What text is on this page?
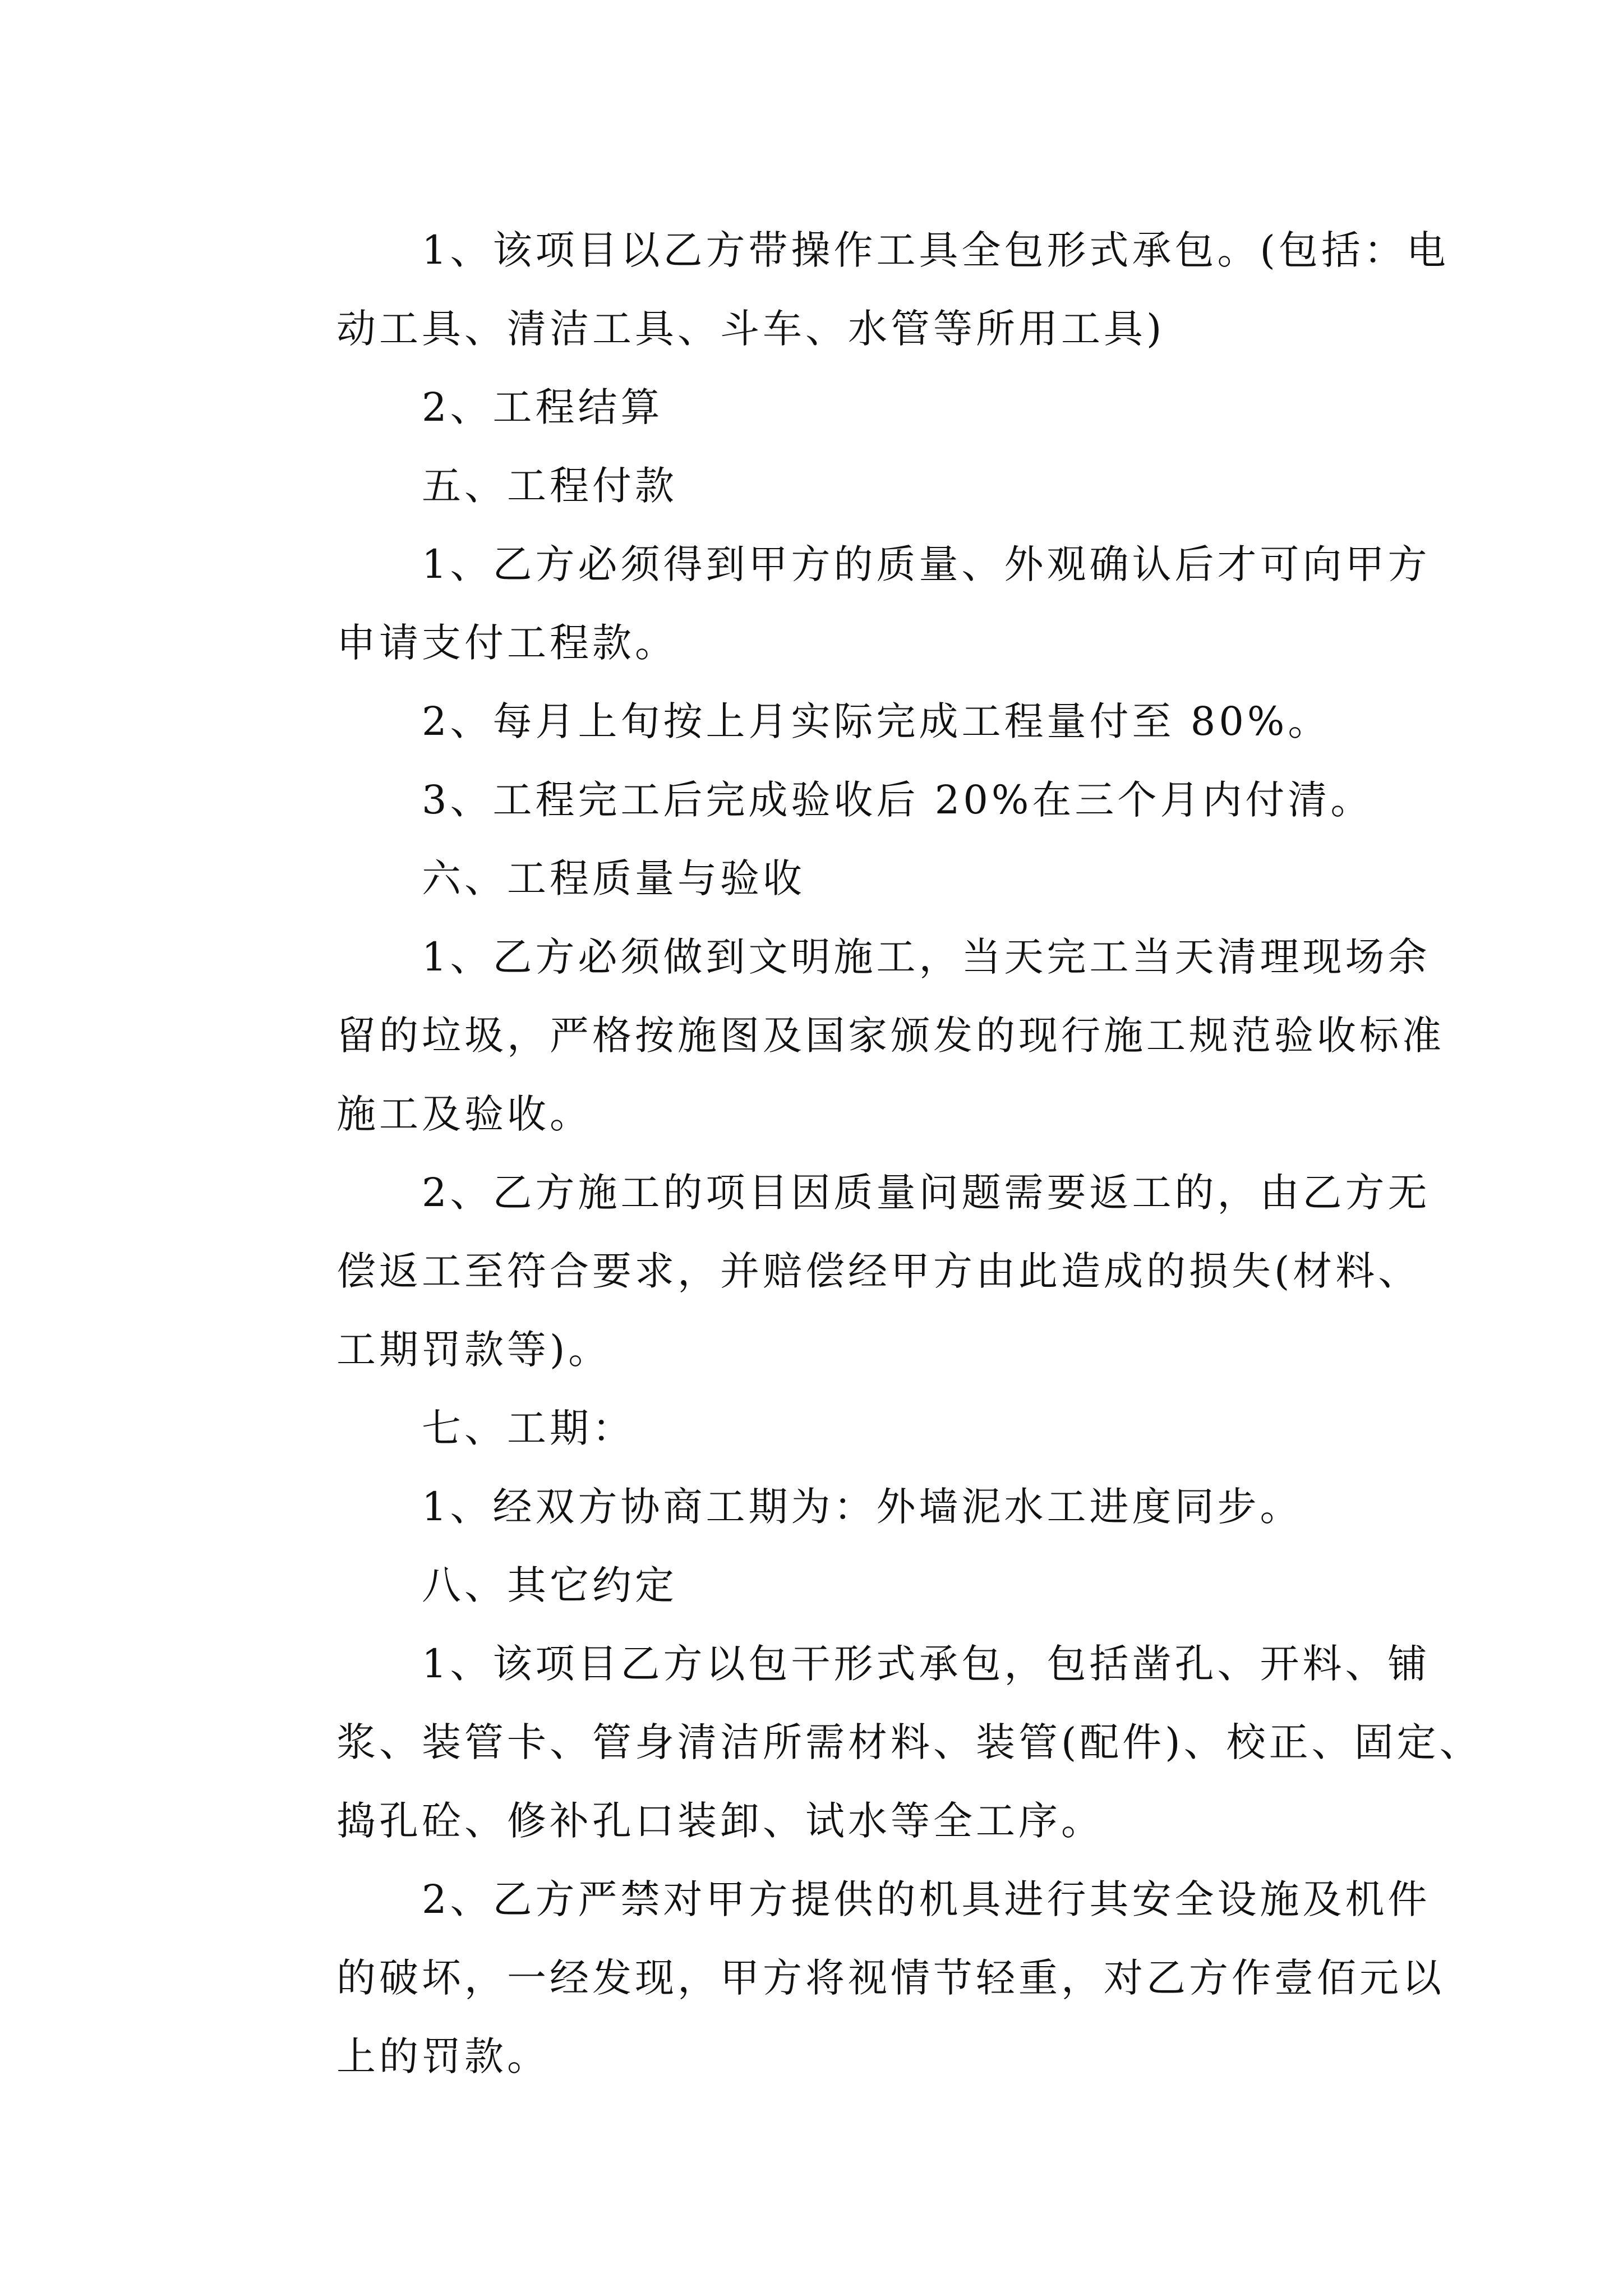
1、该项目以乙方带操作工具全包形式承包。(包括：电
动工具、清洁工具、斗车、水管等所用工具)
2、工程结算
五、工程付款
1、乙方必须得到甲方的质量、外观确认后才可向甲方
申请支付工程款。
2、每月上旬按上月实际完成工程量付至 80%。
3、工程完工后完成验收后 20%在三个月内付清。
六、工程质量与验收
1、乙方必须做到文明施工，当天完工当天清理现场余
留的垃圾，严格按施图及国家颁发的现行施工规范验收标准
施工及验收。
2、乙方施工的项目因质量问题需要返工的，由乙方无
偿返工至符合要求，并赔偿经甲方由此造成的损失(材料、
工期罚款等)。
七、工期：
1、经双方协商工期为：外墙泥水工进度同步。
八、其它约定
1、该项目乙方以包干形式承包，包括凿孔、开料、铺
浆、装管卡、管身清洁所需材料、装管(配件)、校正、固定、
捣孔砼、修补孔口装卸、试水等全工序。
2、乙方严禁对甲方提供的机具进行其安全设施及机件
的破坏，一经发现，甲方将视情节轻重，对乙方作壹佰元以
上的罚款。
